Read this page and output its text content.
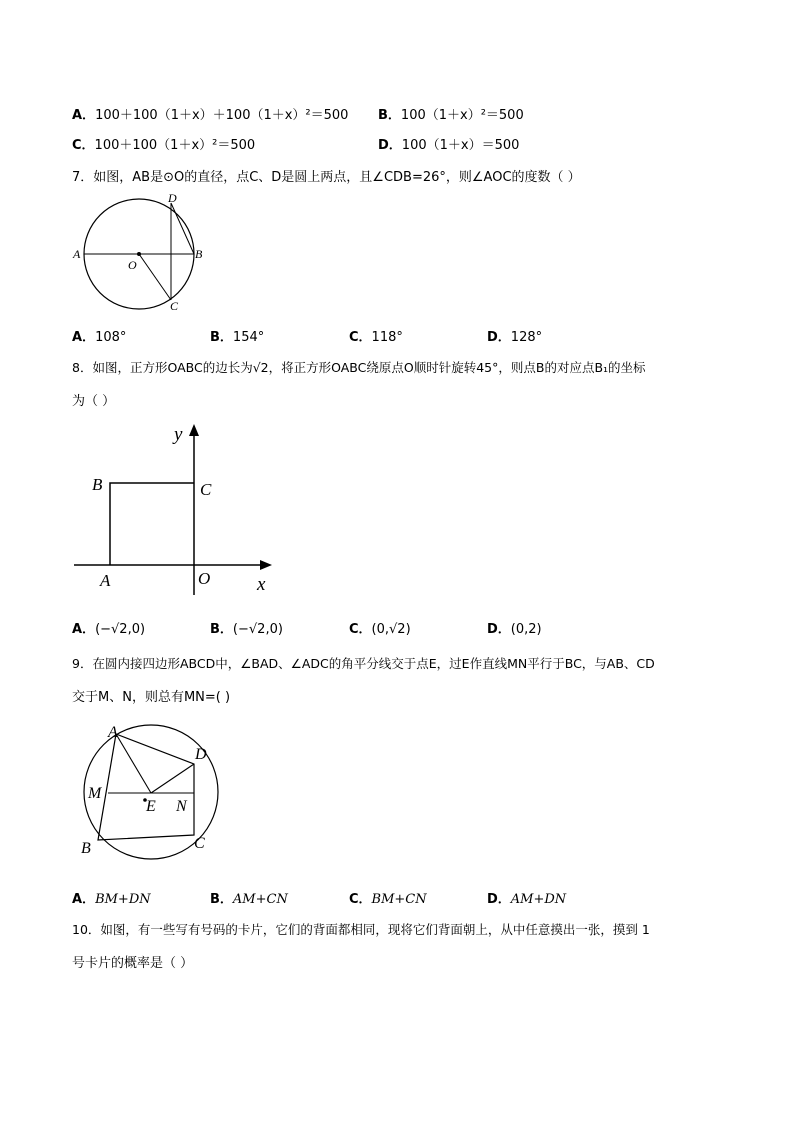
A．100＋100（1＋x）＋100（1＋x）²＝500 B．100（1＋x）²＝500
C．100＋100（1＋x）²＝500	D．100（1＋x）＝500
7．如图，AB是⊙O的直径，点C、D是圆上两点，且∠CDB=26°，则∠AOC的度数（ ）
D
A	B
O
C
A．108°	B．154°	C．118°	D．128°
8．如图，正方形OABC的边长为√2，将正方形OABC绕原点O顺时针旋转45°，则点B的对应点B₁的坐标
为（ ）
y
B	C
A	O x
A．(−√2,0)	B．(−√2,0)	C．(0,√2)	D．(0,2)
9．在圆内接四边形ABCD中，∠BAD、∠ADC的角平分线交于点E，过E作直线MN平行于BC，与AB、CD
交于M、N，则总有MN=( )
A
D
M
E N
B	C
A．BM+DN	B．AM+CN	C．BM+CN	D．AM+DN
10．如图，有一些写有号码的卡片，它们的背面都相同，现将它们背面朝上，从中任意摸出一张，摸到 1
号卡片的概率是（ ）
